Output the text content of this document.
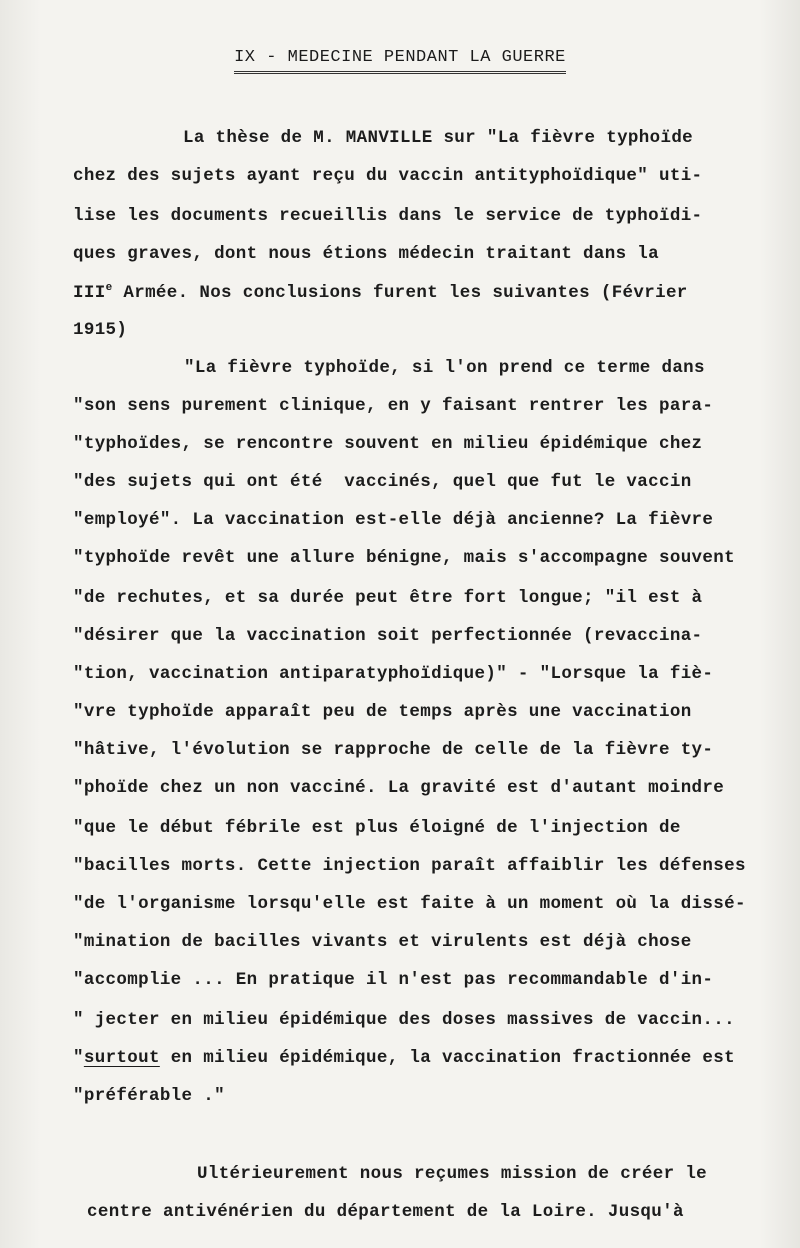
IX - MEDECINE PENDANT LA GUERRE
La thèse de M. MANVILLE sur "La fièvre typhoïde
chez des sujets ayant reçu du vaccin antityphoïdique" uti-
lise les documents recueillis dans le service de typhoïdi-
ques graves, dont nous étions médecin traitant dans la
IIIe Armée. Nos conclusions furent les suivantes (Février
1915)
"La fièvre typhoïde, si l'on prend ce terme dans
"son sens purement clinique, en y faisant rentrer les para-
"typhoïdes, se rencontre souvent en milieu épidémique chez
"des sujets qui ont été  vaccinés, quel que fut le vaccin
"employé". La vaccination est-elle déjà ancienne? La fièvre
"typhoïde revêt une allure bénigne, mais s'accompagne souvent
"de rechutes, et sa durée peut être fort longue; "il est à
"désirer que la vaccination soit perfectionnée (revaccina-
"tion, vaccination antiparatyphoïdique)" - "Lorsque la fiè-
"vre typhoïde apparaît peu de temps après une vaccination
"hâtive, l'évolution se rapproche de celle de la fièvre ty-
"phoïde chez un non vacciné. La gravité est d'autant moindre
"que le début fébrile est plus éloigné de l'injection de
"bacilles morts. Cette injection paraît affaiblir les défenses
"de l'organisme lorsqu'elle est faite à un moment où la dissé-
"mination de bacilles vivants et virulents est déjà chose
"accomplie ... En pratique il n'est pas recommandable d'in-
" jecter en milieu épidémique des doses massives de vaccin...
"surtout en milieu épidémique, la vaccination fractionnée est
"préférable ."
Ultérieurement nous reçumes mission de créer le
centre antivénérien du département de la Loire. Jusqu'à
